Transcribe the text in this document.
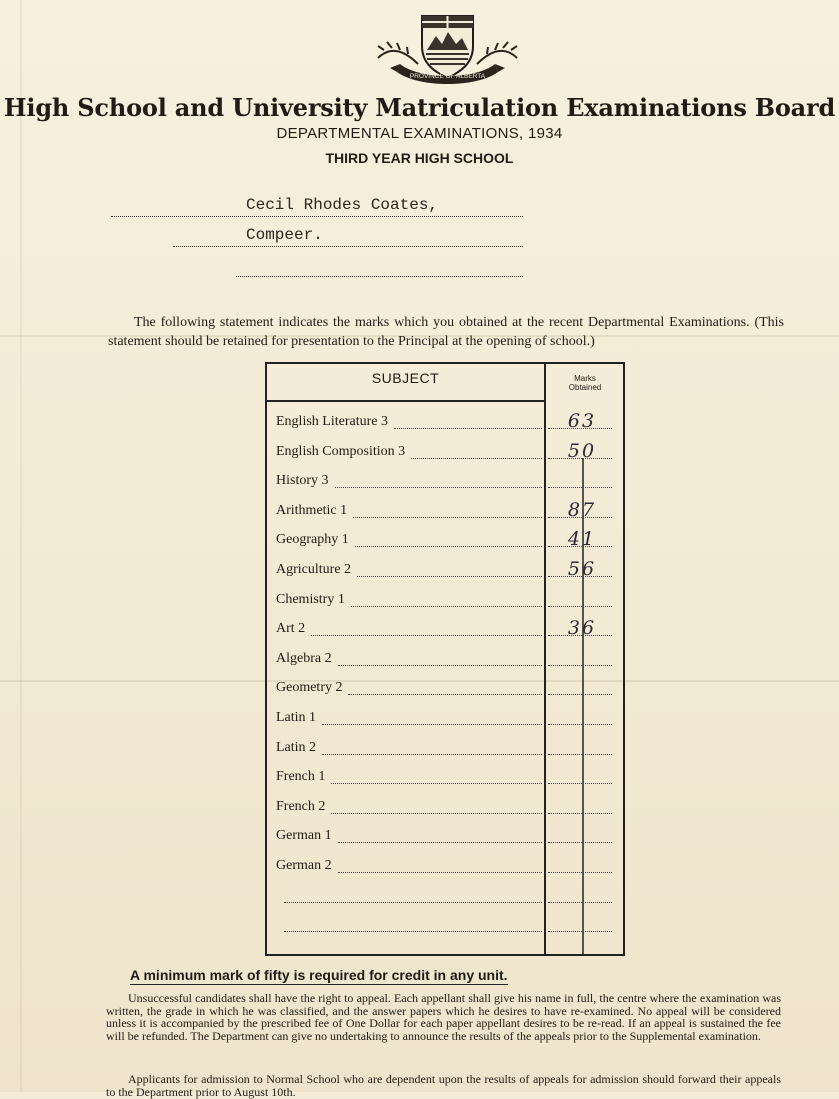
PROVINCE OF ALBERTA
High School and University Matriculation Examinations Board
DEPARTMENTAL EXAMINATIONS, 1934
THIRD YEAR HIGH SCHOOL
Cecil Rhodes Coates,
Compeer.
The following statement indicates the marks which you obtained at the recent Departmental Examinations. (This statement should be retained for presentation to the Principal at the opening of school.)
SUBJECT	Marks
Obtained
English Literature 3	63
English Composition 3	50
History 3
Arithmetic 1	87
Geography 1	41
Agriculture 2	56
Chemistry 1
Art 2	36
Algebra 2
Geometry 2
Latin 1
Latin 2
French 1
French 2
German 1
German 2
A minimum mark of fifty is required for credit in any unit.
Unsuccessful candidates shall have the right to appeal. Each appellant shall give his name in full, the centre where the examination was written, the grade in which he was classified, and the answer papers which he desires to have re-examined. No appeal will be considered unless it is accompanied by the prescribed fee of One Dollar for each paper appellant desires to be re-read. If an appeal is sustained the fee will be refunded. The Department can give no undertaking to announce the results of the appeals prior to the Supplemental examination.
Applicants for admission to Normal School who are dependent upon the results of appeals for admission should forward their appeals to the Department prior to August 10th.
